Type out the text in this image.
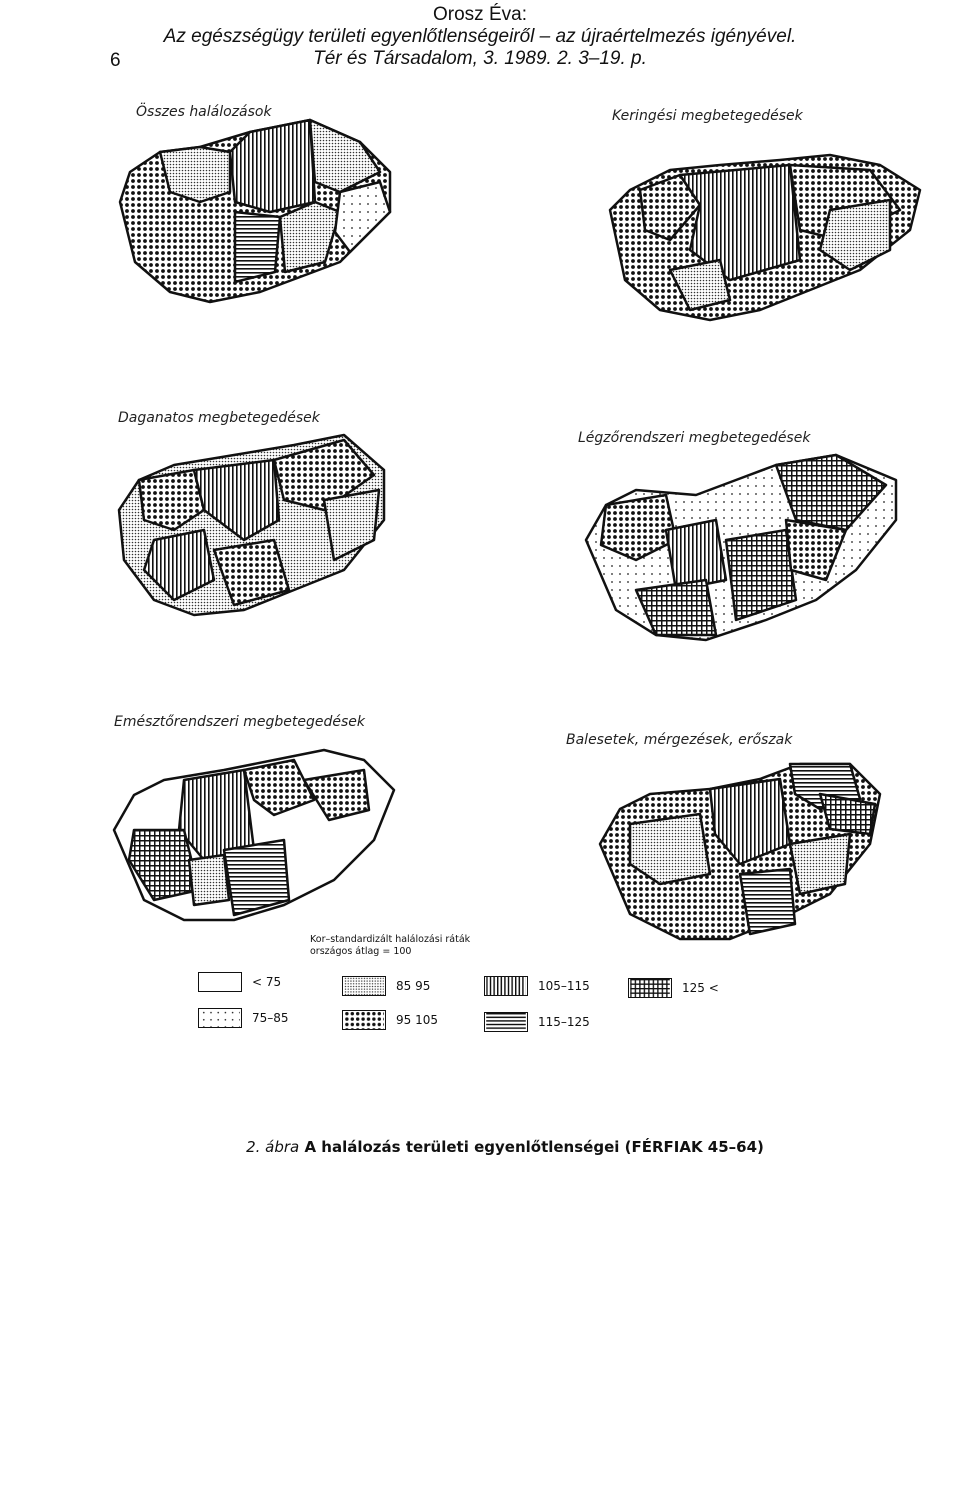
Orosz Éva:
Az egészségügy területi egyenlőtlenségeiről – az újraértelmezés igényével.
Tér és Társadalom, 3. 1989. 2. 3–19. p.
6
Összes halálozások	Keringési megbetegedések
Daganatos megbetegedések
Légzőrendszeri megbetegedések
Emésztőrendszeri megbetegedések
Balesetek, mérgezések, erőszak
Kor–standardizált halálozási ráták
országos átlag = 100
< 75
75–85
85 95
95 105
105–115
115–125
125 <
2. ábra A halálozás területi egyenlőtlenségei (FÉRFIAK 45–64)
